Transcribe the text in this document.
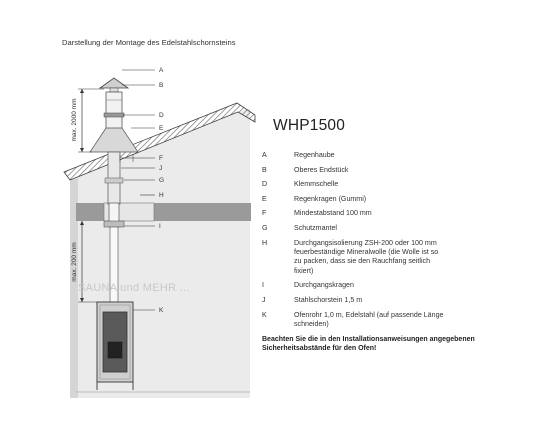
Darstellung der Montage des Edelstahlschornsteins
max. 2000 mm
max. 200 mm
A
B
D
E
F
J
G
H
I
K
SAUNA und MEHR ...
WHP1500
A	Regenhaube
B	Oberes Endstück
D	Klemmschelle
E	Regenkragen (Gummi)
F	Mindestabstand 100 mm
G	Schutzmantel
H	Durchgangsisolierung ZSH-200 oder 100 mm feuerbeständige Mineralwolle (die Wolle ist so zu packen, dass sie den Rauchfang seitlich fixiert)
I	Durchgangskragen
J	Stahlschorstein 1,5 m
K	Ofenrohr 1,0 m, Edelstahl (auf passende Länge schneiden)
Beachten Sie die in den Installationsanweisungen angegebenen Sicherheitsabstände für den Ofen!
